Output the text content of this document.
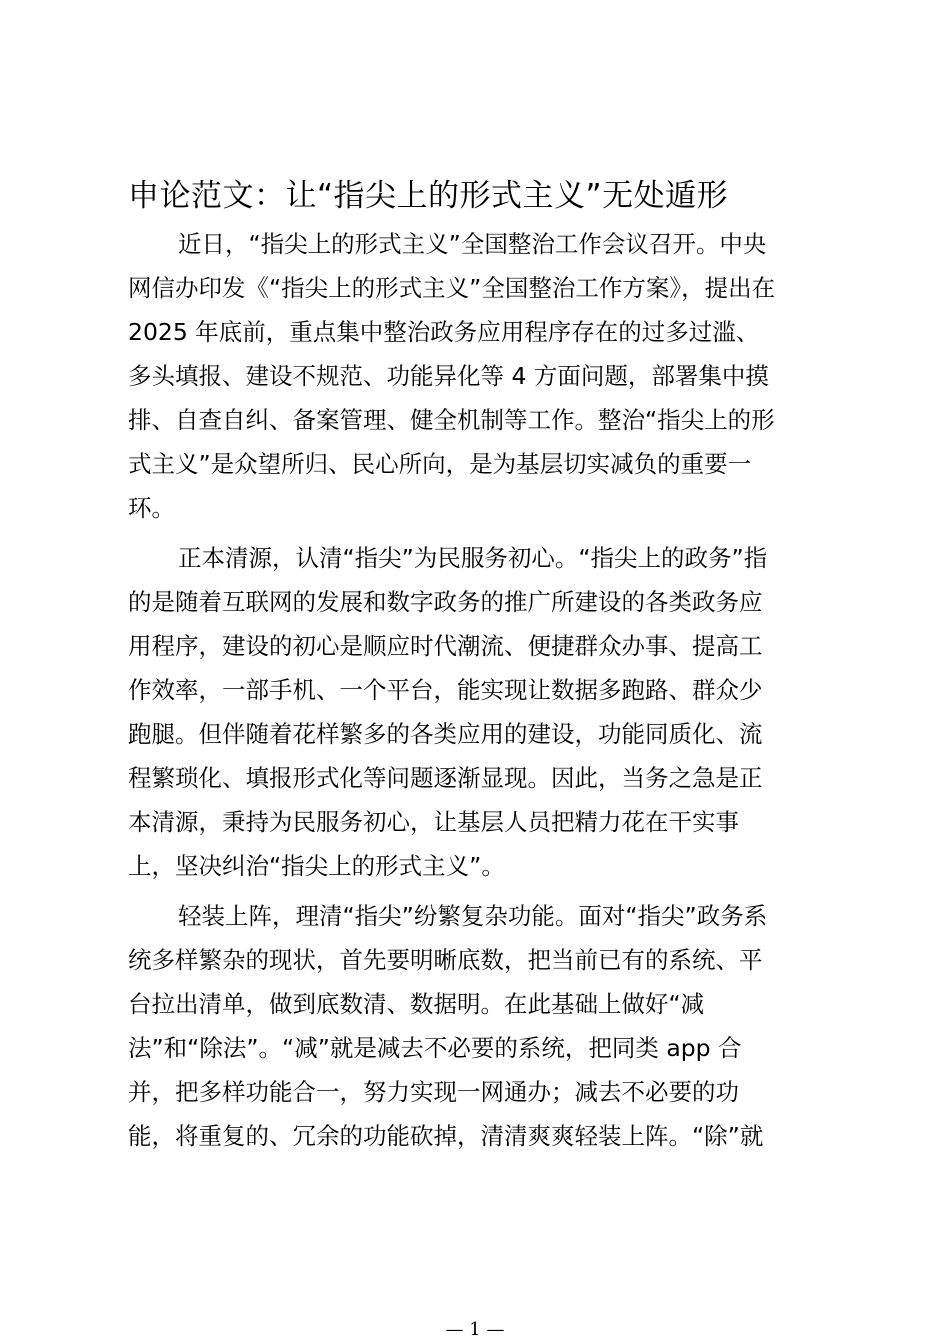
申论范文：让“指尖上的形式主义”无处遁形
近日，“指尖上的形式主义”全国整治工作会议召开。中央
网信办印发《“指尖上的形式主义”全国整治工作方案》，提出在
2025 年底前，重点集中整治政务应用程序存在的过多过滥、
多头填报、建设不规范、功能异化等 4 方面问题，部署集中摸
排、自查自纠、备案管理、健全机制等工作。整治“指尖上的形
式主义”是众望所归、民心所向，是为基层切实减负的重要一
环。
正本清源，认清“指尖”为民服务初心。“指尖上的政务”指
的是随着互联网的发展和数字政务的推广所建设的各类政务应
用程序，建设的初心是顺应时代潮流、便捷群众办事、提高工
作效率，一部手机、一个平台，能实现让数据多跑路、群众少
跑腿。但伴随着花样繁多的各类应用的建设，功能同质化、流
程繁琐化、填报形式化等问题逐渐显现。因此，当务之急是正
本清源，秉持为民服务初心，让基层人员把精力花在干实事
上，坚决纠治“指尖上的形式主义”。
轻装上阵，理清“指尖”纷繁复杂功能。面对“指尖”政务系
统多样繁杂的现状，首先要明晰底数，把当前已有的系统、平
台拉出清单，做到底数清、数据明。在此基础上做好“减
法”和“除法”。“减”就是减去不必要的系统，把同类 app 合
并，把多样功能合一，努力实现一网通办；减去不必要的功
能，将重复的、冗余的功能砍掉，清清爽爽轻装上阵。“除”就
— 1 —
